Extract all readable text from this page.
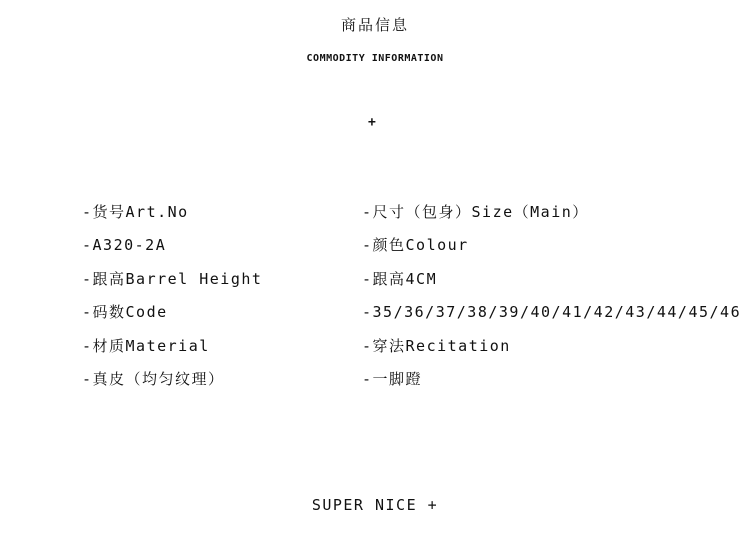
商品信息
COMMODITY INFORMATION
+
-货号Art.No
-A320-2A
-跟高Barrel Height
-码数Code
-材质Material
-真皮（均匀纹理）
-尺寸（包身）Size（Main）
-颜色Colour
-跟高4CM
-35/36/37/38/39/40/41/42/43/44/45/46
-穿法Recitation
-一脚蹬
SUPER NICE +
